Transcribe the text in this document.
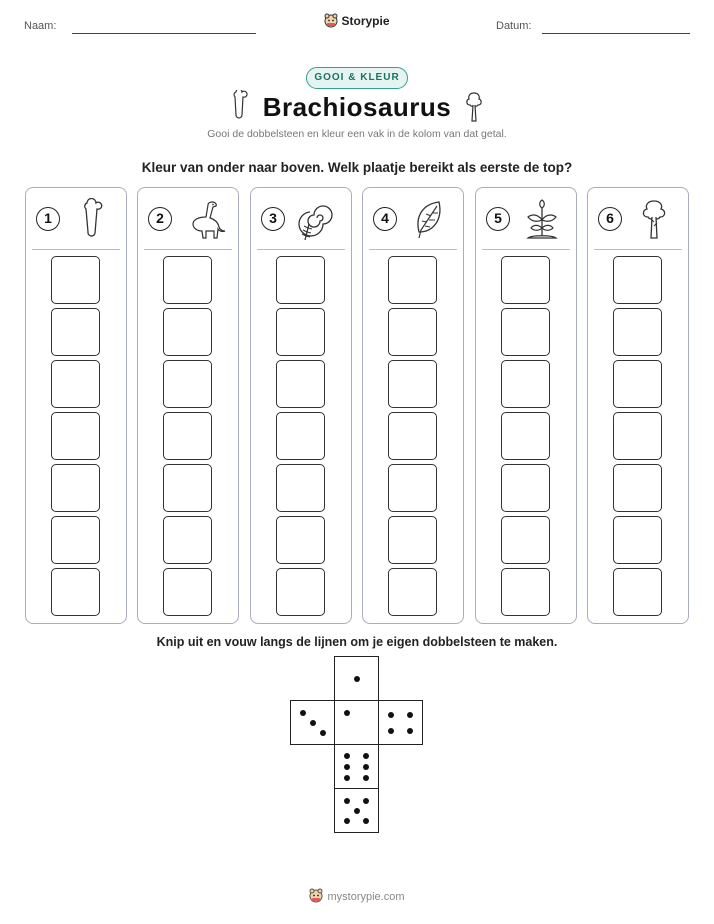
Naam:	Storypie	Datum:
GOOI & KLEUR
Brachiosaurus
Gooi de dobbelsteen en kleur een vak in de kolom van dat getal.
Kleur van onder naar boven. Welk plaatje bereikt als eerste de top?
1	2	3	4	5	6
Knip uit en vouw langs de lijnen om je eigen dobbelsteen te maken.
mystorypie.com
